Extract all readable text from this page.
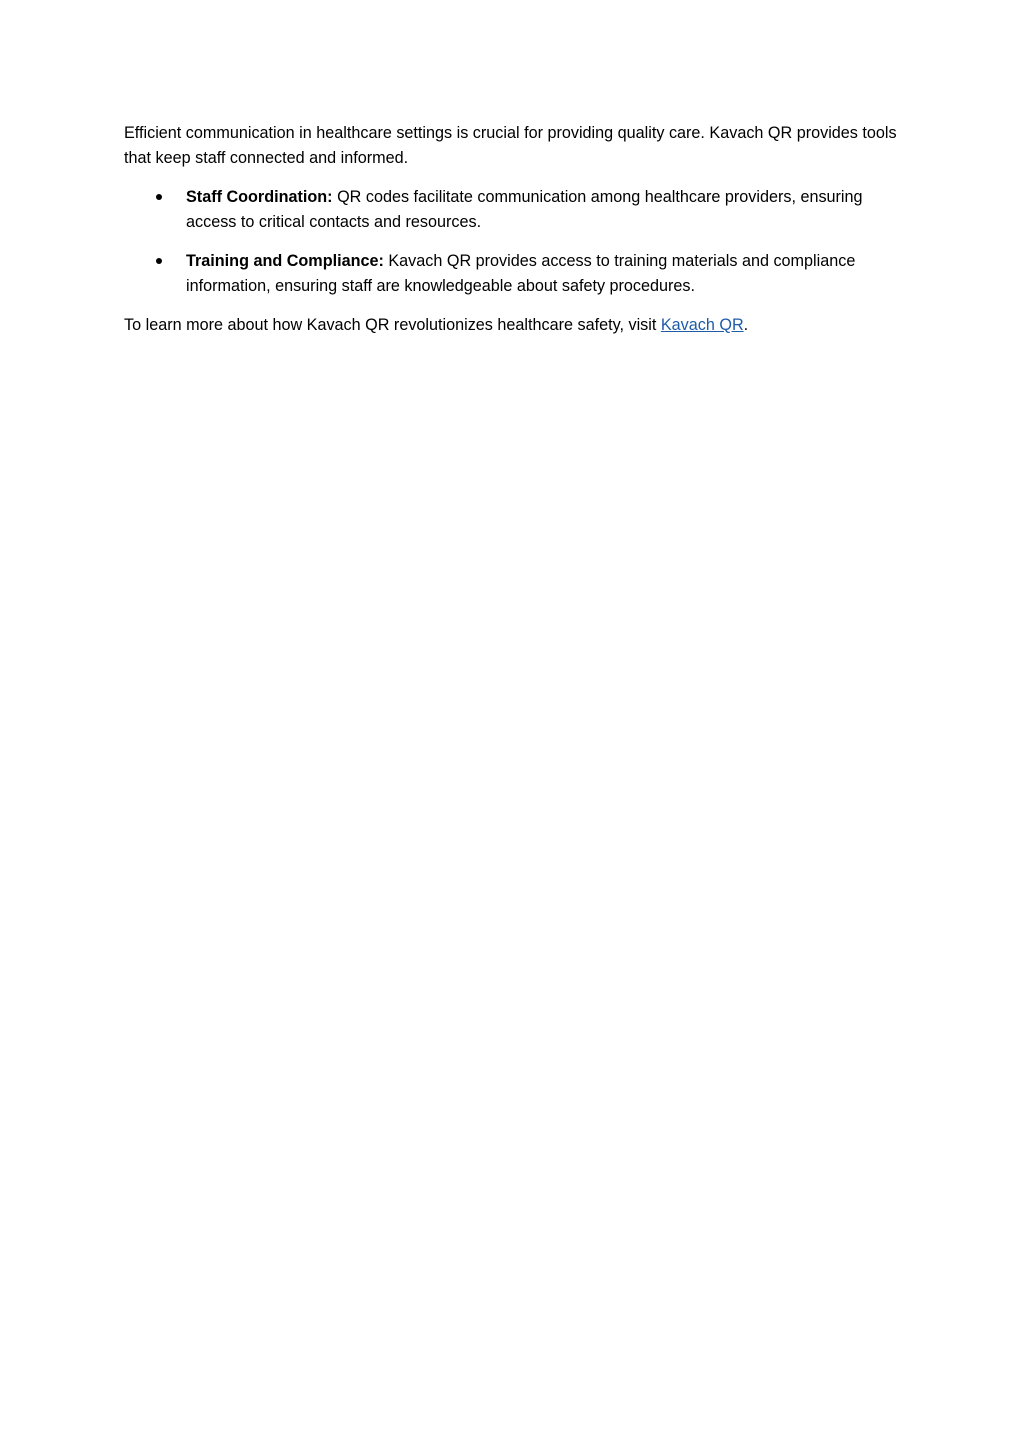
Efficient communication in healthcare settings is crucial for providing quality care. Kavach QR provides tools that keep staff connected and informed.

Staff Coordination: QR codes facilitate communication among healthcare providers, ensuring access to critical contacts and resources.
Training and Compliance: Kavach QR provides access to training materials and compliance information, ensuring staff are knowledgeable about safety procedures.

To learn more about how Kavach QR revolutionizes healthcare safety, visit Kavach QR.
